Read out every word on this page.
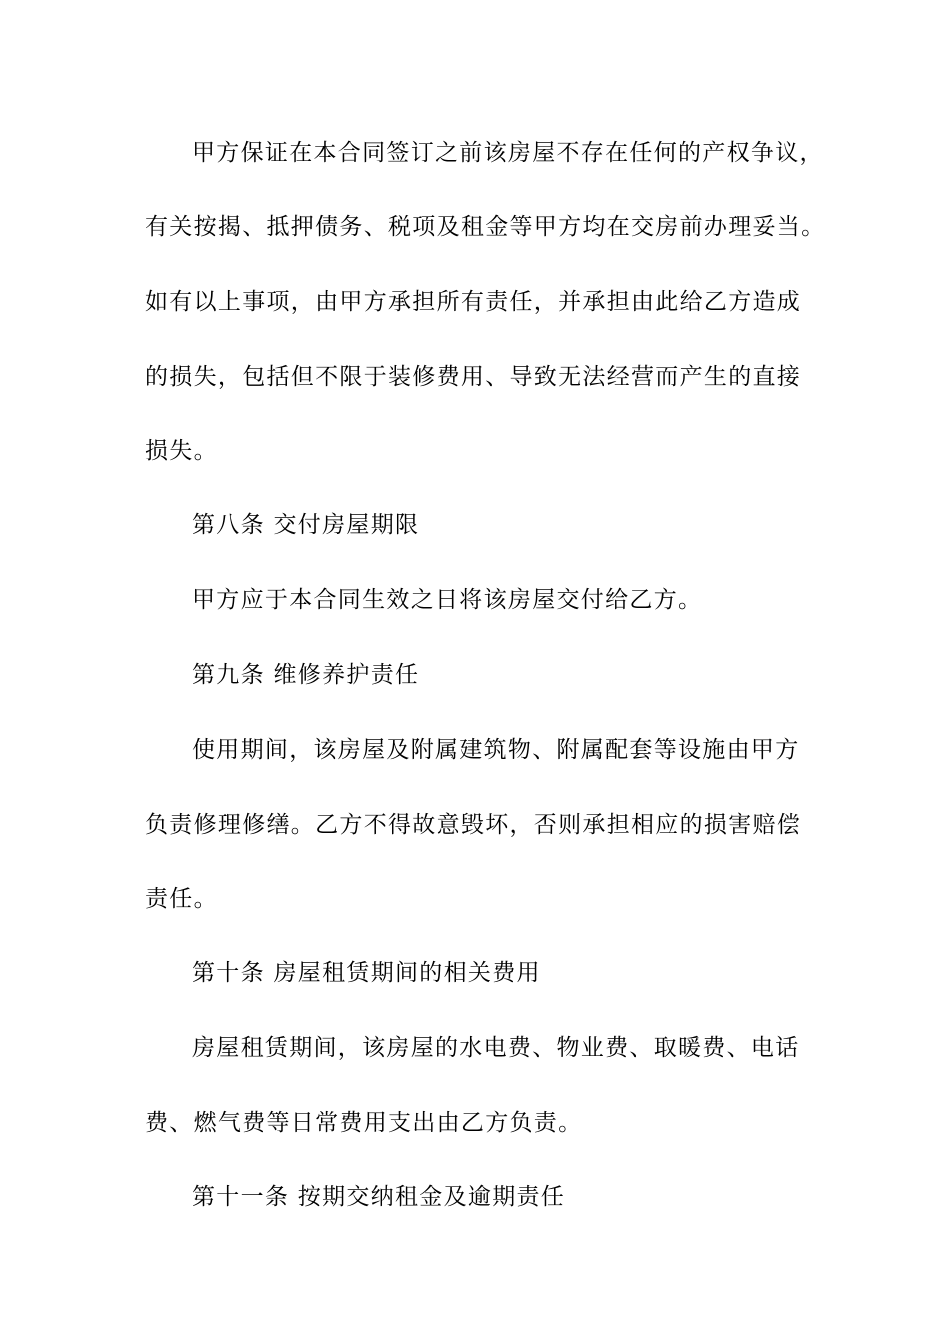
甲方保证在本合同签订之前该房屋不存在任何的产权争议，
有关按揭、抵押债务、税项及租金等甲方均在交房前办理妥当。
如有以上事项，由甲方承担所有责任，并承担由此给乙方造成
的损失，包括但不限于装修费用、导致无法经营而产生的直接
损失。
第八条 交付房屋期限
甲方应于本合同生效之日将该房屋交付给乙方。
第九条 维修养护责任
使用期间，该房屋及附属建筑物、附属配套等设施由甲方
负责修理修缮。乙方不得故意毁坏，否则承担相应的损害赔偿
责任。
第十条 房屋租赁期间的相关费用
房屋租赁期间，该房屋的水电费、物业费、取暖费、电话
费、燃气费等日常费用支出由乙方负责。
第十一条 按期交纳租金及逾期责任
